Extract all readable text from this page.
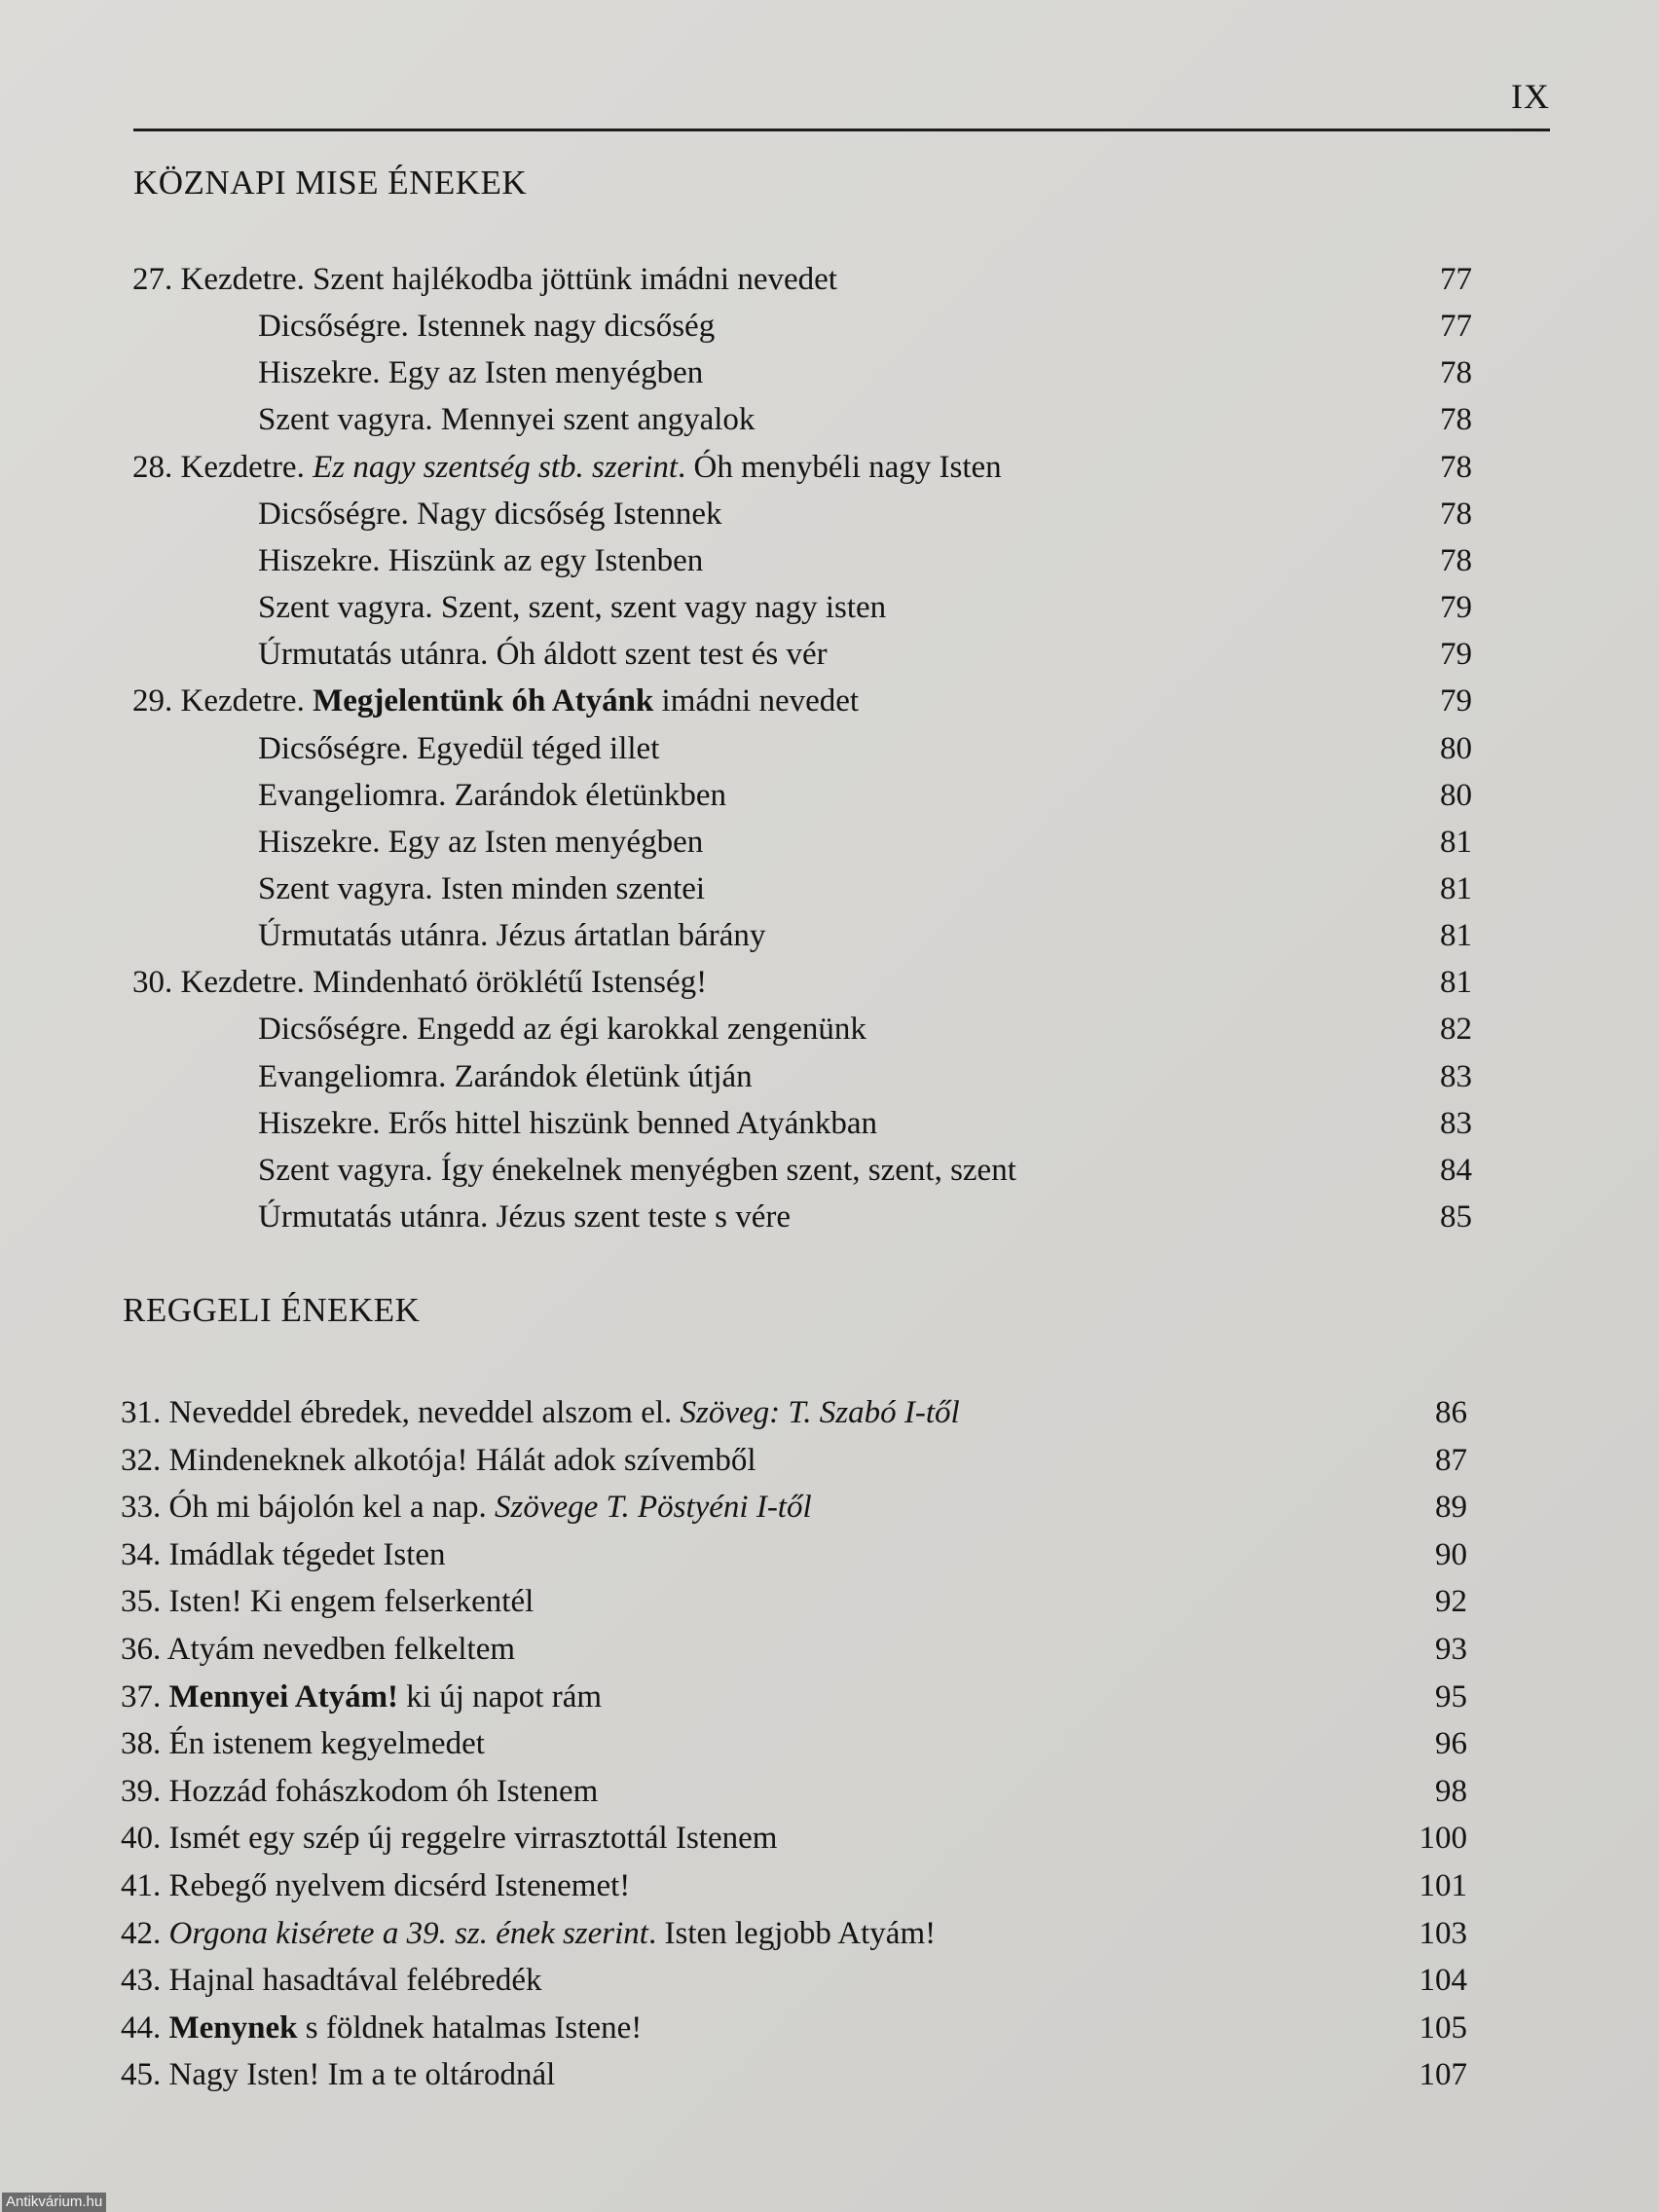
IX
KÖZNAPI MISE ÉNEKEK
REGGELI ÉNEKEK
27. Kezdetre. Szent hajlékodba jöttünk imádni nevedet	77
Dicsőségre. Istennek nagy dicsőség	77
Hiszekre. Egy az Isten menyégben	78
Szent vagyra. Mennyei szent angyalok	78
28. Kezdetre. Ez nagy szentség stb. szerint. Óh menybéli nagy Isten	78
Dicsőségre. Nagy dicsőség Istennek	78
Hiszekre. Hiszünk az egy Istenben	78
Szent vagyra. Szent, szent, szent vagy nagy isten	79
Úrmutatás utánra. Óh áldott szent test és vér	79
29. Kezdetre. Megjelentünk óh Atyánk imádni nevedet	79
Dicsőségre. Egyedül téged illet	80
Evangeliomra. Zarándok életünkben	80
Hiszekre. Egy az Isten menyégben	81
Szent vagyra. Isten minden szentei	81
Úrmutatás utánra. Jézus ártatlan bárány	81
30. Kezdetre. Mindenható öröklétű Istenség!	81
Dicsőségre. Engedd az égi karokkal zengenünk	82
Evangeliomra. Zarándok életünk útján	83
Hiszekre. Erős hittel hiszünk benned Atyánkban	83
Szent vagyra. Így énekelnek menyégben szent, szent, szent	84
Úrmutatás utánra. Jézus szent teste s vére	85
31. Neveddel ébredek, neveddel alszom el. Szöveg: T. Szabó I-től	86
32. Mindeneknek alkotója! Hálát adok szívemből	87
33. Óh mi bájolón kel a nap. Szövege T. Pöstyéni I-től	89
34. Imádlak tégedet Isten	90
35. Isten! Ki engem felserkentél	92
36. Atyám nevedben felkeltem	93
37. Mennyei Atyám! ki új napot rám	95
38. Én istenem kegyelmedet	96
39. Hozzád fohászkodom óh Istenem	98
40. Ismét egy szép új reggelre virrasztottál Istenem	100
41. Rebegő nyelvem dicsérd Istenemet!	101
42. Orgona kisérete a 39. sz. ének szerint. Isten legjobb Atyám!	103
43. Hajnal hasadtával felébredék	104
44. Menynek s földnek hatalmas Istene!	105
45. Nagy Isten! Im a te oltárodnál	107
Antikvárium.hu
